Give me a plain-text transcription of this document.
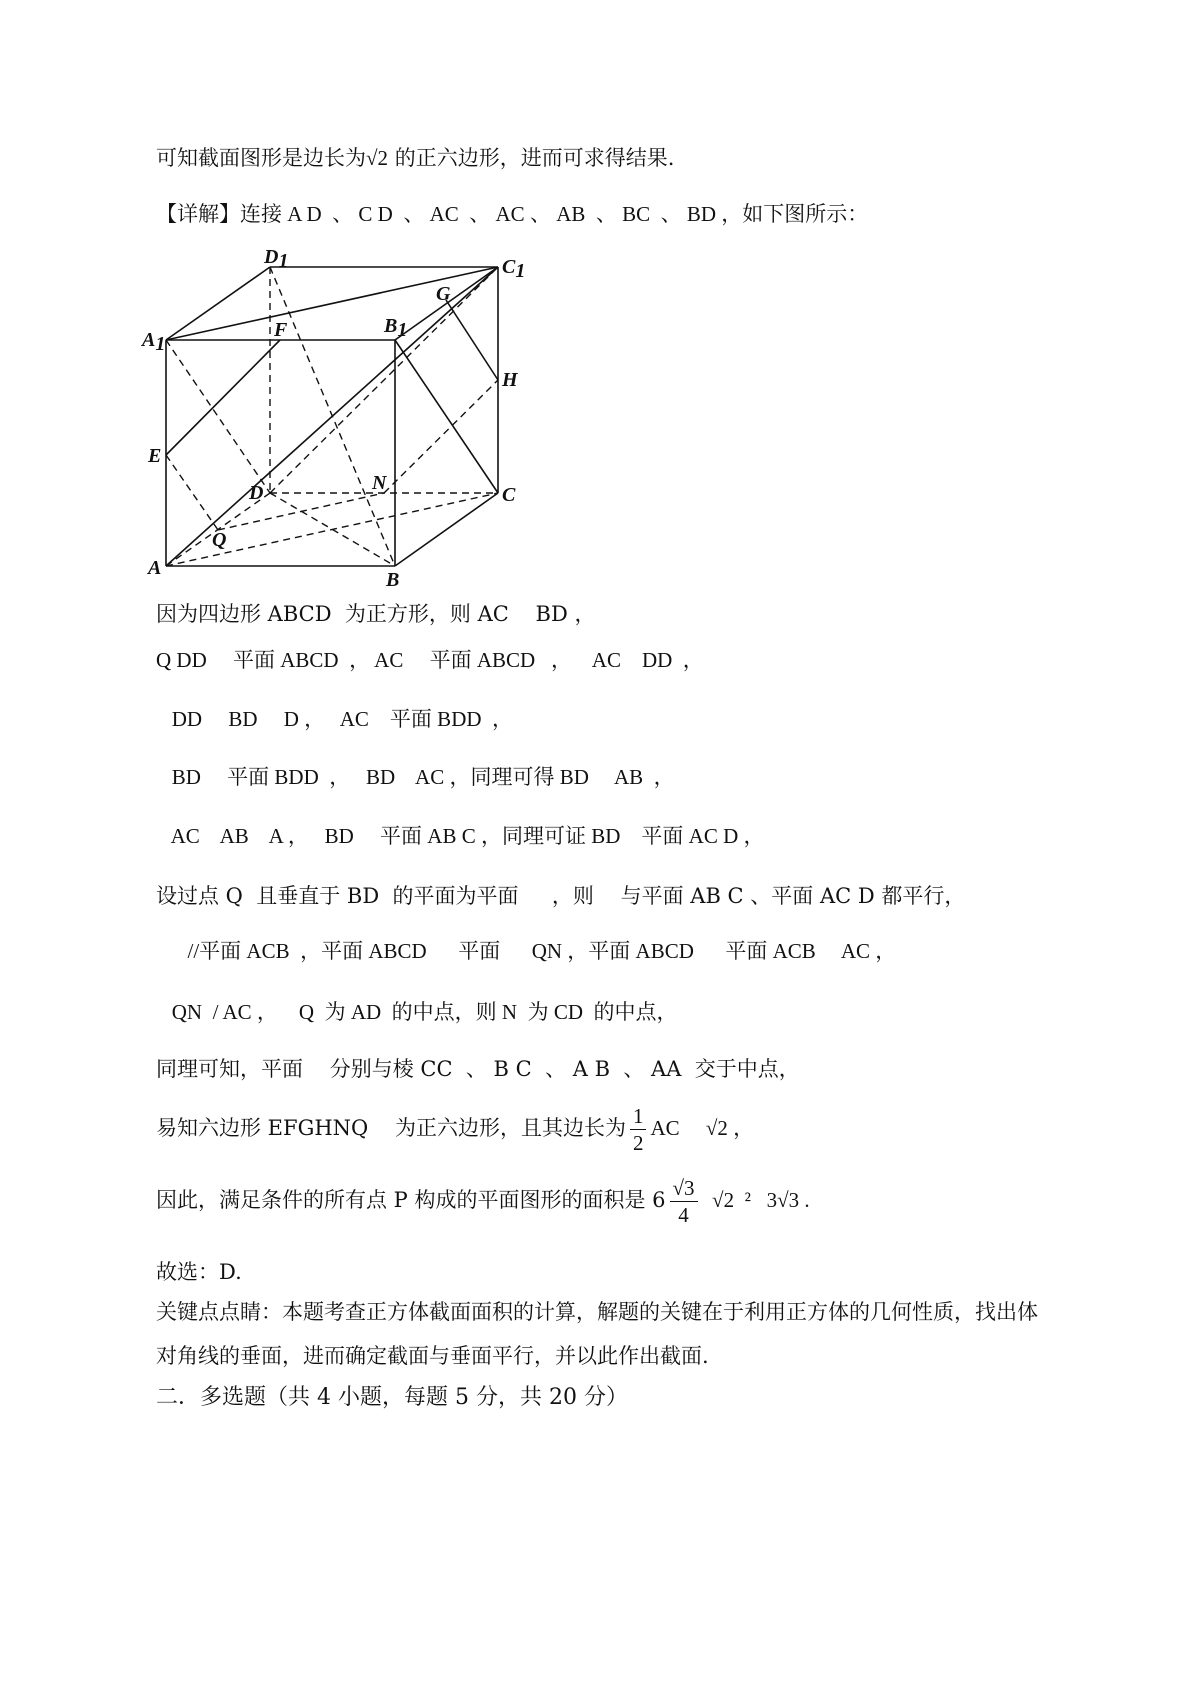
可知截面图形是边长为√2 的正六边形，进而可求得结果.
【详解】连接 A D  、 C D  、 AC  、 AC 、 AB  、 BC  、 BD ，如下图所示：
D1	C1
A1
B1
F
G
H
E
D	N
C
Q
A
B
因为四边形 ABCD  为正方形，则 AC    BD ，
Q DD     平面 ABCD  ， AC     平面 ABCD   ，    AC    DD  ，
DD     BD     D ，   AC    平面 BDD  ，
BD     平面 BDD  ，   BD    AC ，同理可得 BD     AB  ，
AC    AB    A ，   BD     平面 AB C ，同理可证 BD    平面 AC D ，
设过点 Q  且垂直于 BD  的平面为平面     ，则    与平面 AB C 、平面 AC D 都平行，
//平面 ACB  ，平面 ABCD      平面      QN ，平面 ABCD      平面 ACB     AC ，
QN  / AC ，    Q  为 AD  的中点，则 N  为 CD  的中点，
同理可知，平面    分别与棱 CC  、 B C  、 A B  、 AA  交于中点，
易知六边形 EFGHNQ    为正六边形，且其边长为 $\frac{1}{2}$ AC     √2 ，
因此，满足条件的所有点 P 构成的平面图形的面积是 $6 \frac{√3}{4} √2$  ²   3√3 .
故选：D.
关键点点睛：本题考查正方体截面面积的计算，解题的关键在于利用正方体的几何性质，找出体
对角线的垂面，进而确定截面与垂面平行，并以此作出截面.
二．多选题（共 4 小题，每题 5 分，共 20 分）
